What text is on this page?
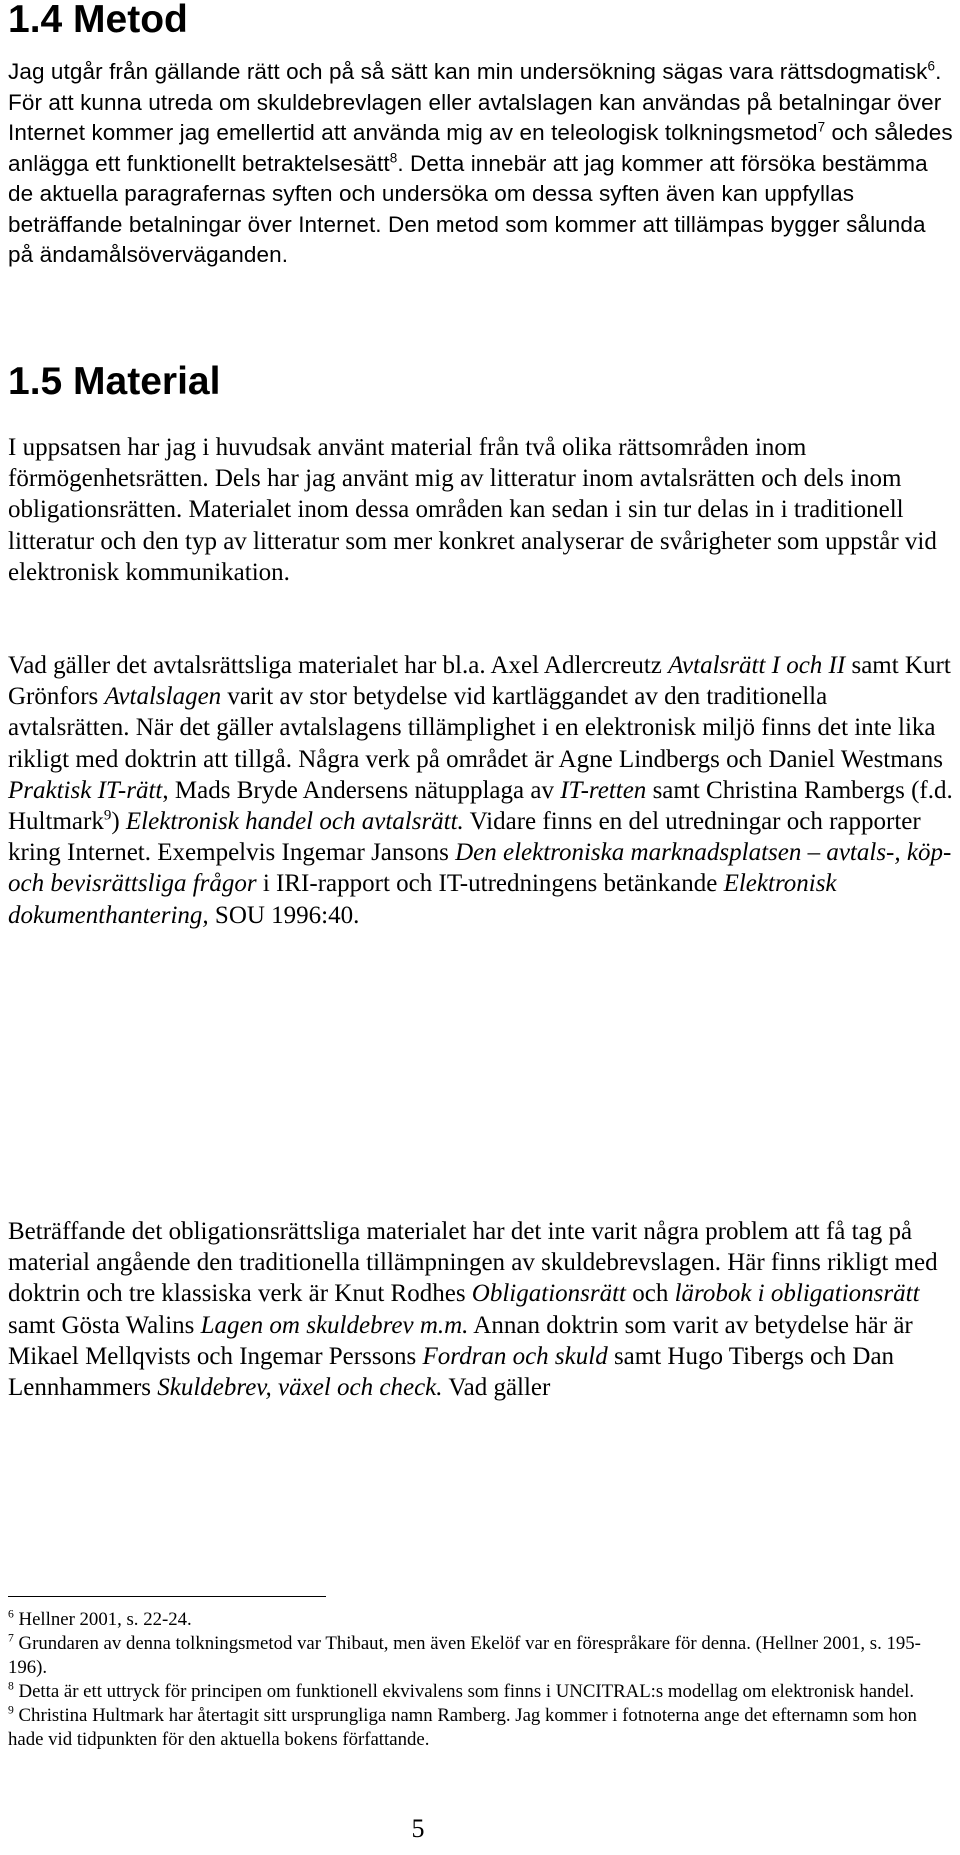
1.4 Metod

Jag utgår från gällande rätt och på så sätt kan min undersökning sägas vara rättsdogmatisk$^6$. För att kunna utreda om skuldebrevlagen eller avtalslagen kan användas på betalningar över Internet kommer jag emellertid att använda mig av en teleologisk tolkningsmetod$^7$ och således anlägga ett funktionellt betraktelsesätt$^8$. Detta innebär att jag kommer att försöka bestämma de aktuella paragrafernas syften och undersöka om dessa syften även kan uppfyllas beträffande betalningar över Internet. Den metod som kommer att tillämpas bygger sålunda på ändamålsöverväganden.

1.5 Material

I uppsatsen har jag i huvudsak använt material från två olika rättsområden inom förmögenhetsrätten. Dels har jag använt mig av litteratur inom avtalsrätten och dels inom obligationsrätten. Materialet inom dessa områden kan sedan i sin tur delas in i traditionell litteratur och den typ av litteratur som mer konkret analyserar de svårigheter som uppstår vid elektronisk kommunikation.

Vad gäller det avtalsrättsliga materialet har bl.a. Axel Adlercreutz Avtalsrätt I och II samt Kurt Grönfors Avtalslagen varit av stor betydelse vid kartläggandet av den traditionella avtalsrätten. När det gäller avtalslagens tillämplighet i en elektronisk miljö finns det inte lika rikligt med doktrin att tillgå. Några verk på området är Agne Lindbergs och Daniel Westmans Praktisk IT-rätt, Mads Bryde Andersens nätupplaga av IT-retten samt Christina Rambergs (f.d. Hultmark$^9$) Elektronisk handel och avtalsrätt. Vidare finns en del utredningar och rapporter kring Internet. Exempelvis Ingemar Jansons Den elektroniska marknadsplatsen – avtals-, köp- och bevisrättsliga frågor i IRI-rapport och IT-utredningens betänkande Elektronisk dokumenthantering, SOU 1996:40.

Beträffande det obligationsrättsliga materialet har det inte varit några problem att få tag på material angående den traditionella tillämpningen av skuldebrevslagen. Här finns rikligt med doktrin och tre klassiska verk är Knut Rodhes Obligationsrätt och lärobok i obligationsrätt samt Gösta Walins Lagen om skuldebrev m.m. Annan doktrin som varit av betydelse här är Mikael Mellqvists och Ingemar Perssons Fordran och skuld samt Hugo Tibergs och Dan Lennhammers Skuldebrev, växel och check. Vad gäller

$^6$ Hellner 2001, s. 22-24.

$^7$ Grundaren av denna tolkningsmetod var Thibaut, men även Ekelöf var en förespråkare för denna. (Hellner 2001, s. 195-196).

$^8$ Detta är ett uttryck för principen om funktionell ekvivalens som finns i UNCITRAL:s modellag om elektronisk handel.

$^9$ Christina Hultmark har återtagit sitt ursprungliga namn Ramberg. Jag kommer i fotnoterna ange det efternamn som hon hade vid tidpunkten för den aktuella bokens författande.

5
